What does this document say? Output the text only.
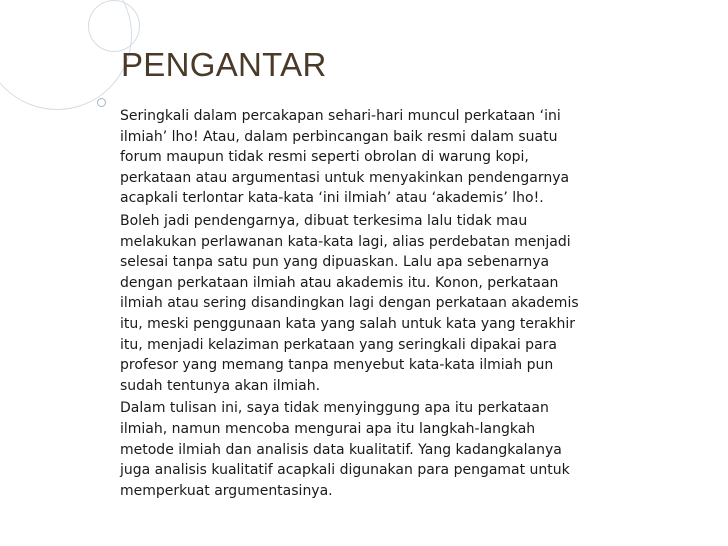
PENGANTAR
Seringkali dalam percakapan sehari-hari muncul perkataan ‘ini
ilmiah’ lho! Atau, dalam perbincangan baik resmi dalam suatu
forum maupun tidak resmi seperti obrolan di warung kopi,
perkataan atau argumentasi untuk menyakinkan pendengarnya
acapkali terlontar kata-kata ‘ini ilmiah’ atau ‘akademis’ lho!.
Boleh jadi pendengarnya, dibuat terkesima lalu tidak mau
melakukan perlawanan kata-kata lagi, alias perdebatan menjadi
selesai tanpa satu pun yang dipuaskan. Lalu apa sebenarnya
dengan perkataan ilmiah atau akademis itu. Konon, perkataan
ilmiah atau sering disandingkan lagi dengan perkataan akademis
itu, meski penggunaan kata yang salah untuk kata yang terakhir
itu, menjadi kelaziman perkataan yang seringkali dipakai para
profesor yang memang tanpa menyebut kata-kata ilmiah pun
sudah tentunya akan ilmiah.
Dalam tulisan ini, saya tidak menyinggung apa itu perkataan
ilmiah, namun mencoba mengurai apa itu langkah-langkah
metode ilmiah dan analisis data kualitatif. Yang kadangkalanya
juga analisis kualitatif acapkali digunakan para pengamat untuk
memperkuat argumentasinya.
